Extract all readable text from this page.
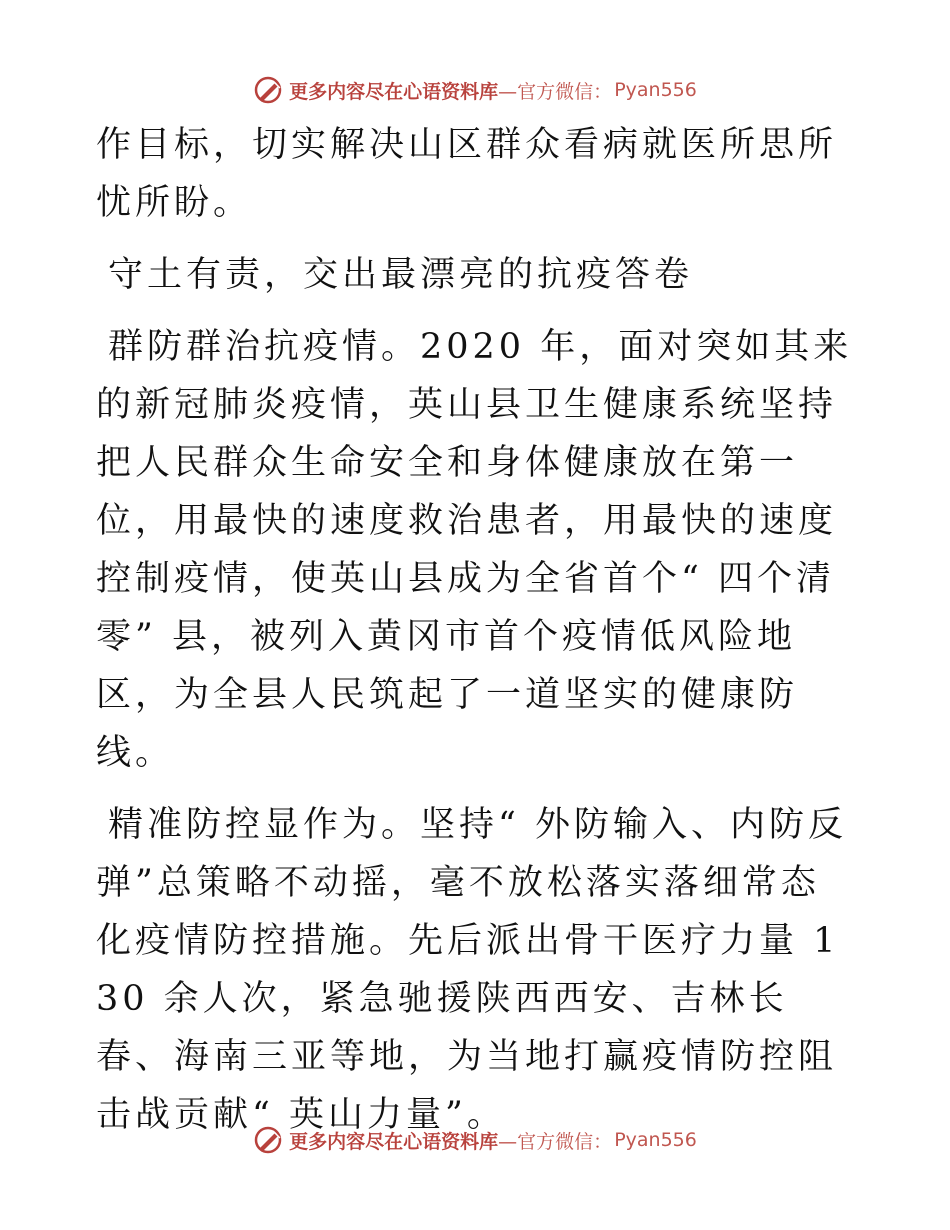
更多内容尽在心语资料库 —官方微信： Pyan556

作目标，切实解决山区群众看病就医所思所忧所盼。

守土有责，交出最漂亮的抗疫答卷

群防群治抗疫情。2020 年，面对突如其来的新冠肺炎疫情，英山县卫生健康系统坚持把人民群众生命安全和身体健康放在第一位，用最快的速度救治患者，用最快的速度控制疫情，使英山县成为全省首个“ 四个清零” 县，被列入黄冈市首个疫情低风险地区，为全县人民筑起了一道坚实的健康防线。

精准防控显作为。坚持“ 外防输入、内防反弹”总策略不动摇，毫不放松落实落细常态化疫情防控措施。先后派出骨干医疗力量 130 余人次，紧急驰援陕西西安、吉林长春、海南三亚等地，为当地打赢疫情防控阻击战贡献“ 英山力量”。

更多内容尽在心语资料库 —官方微信： Pyan556
